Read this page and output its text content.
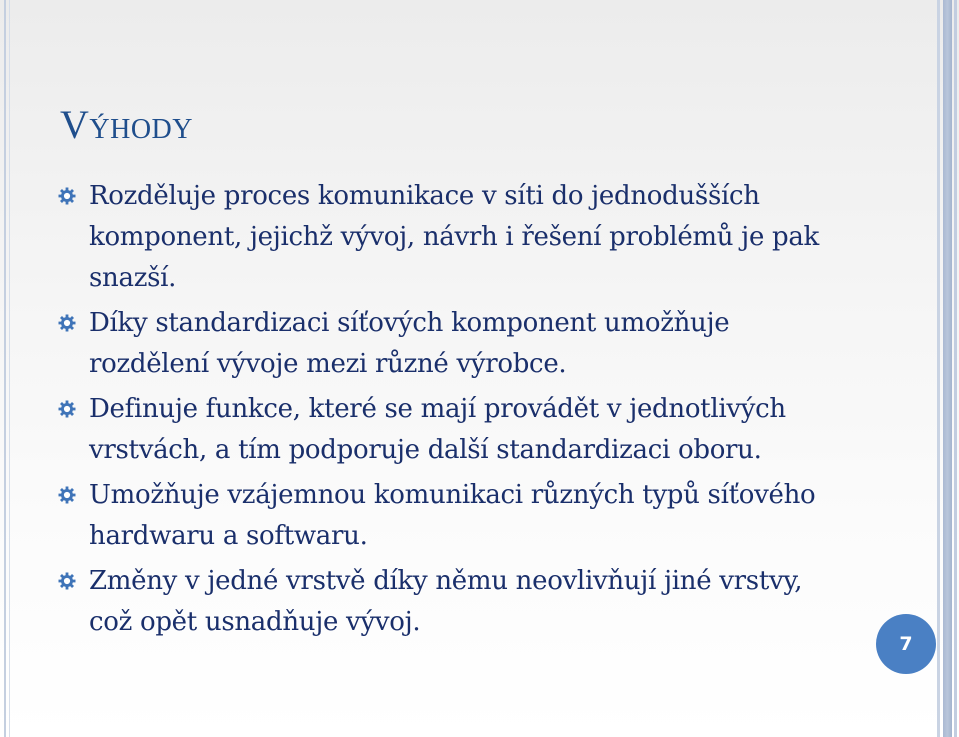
Výhody
Rozděluje proces komunikace v síti do jednodušších komponent, jejichž vývoj, návrh i řešení problémů je pak snazší.
Díky standardizaci síťových komponent umožňuje rozdělení vývoje mezi různé výrobce.
Definuje funkce, které se mají provádět v jednotlivých vrstvách, a tím podporuje další standardizaci oboru.
Umožňuje vzájemnou komunikaci různých typů síťového hardwaru a softwaru.
Změny v jedné vrstvě díky němu neovlivňují jiné vrstvy, což opět usnadňuje vývoj.
7
